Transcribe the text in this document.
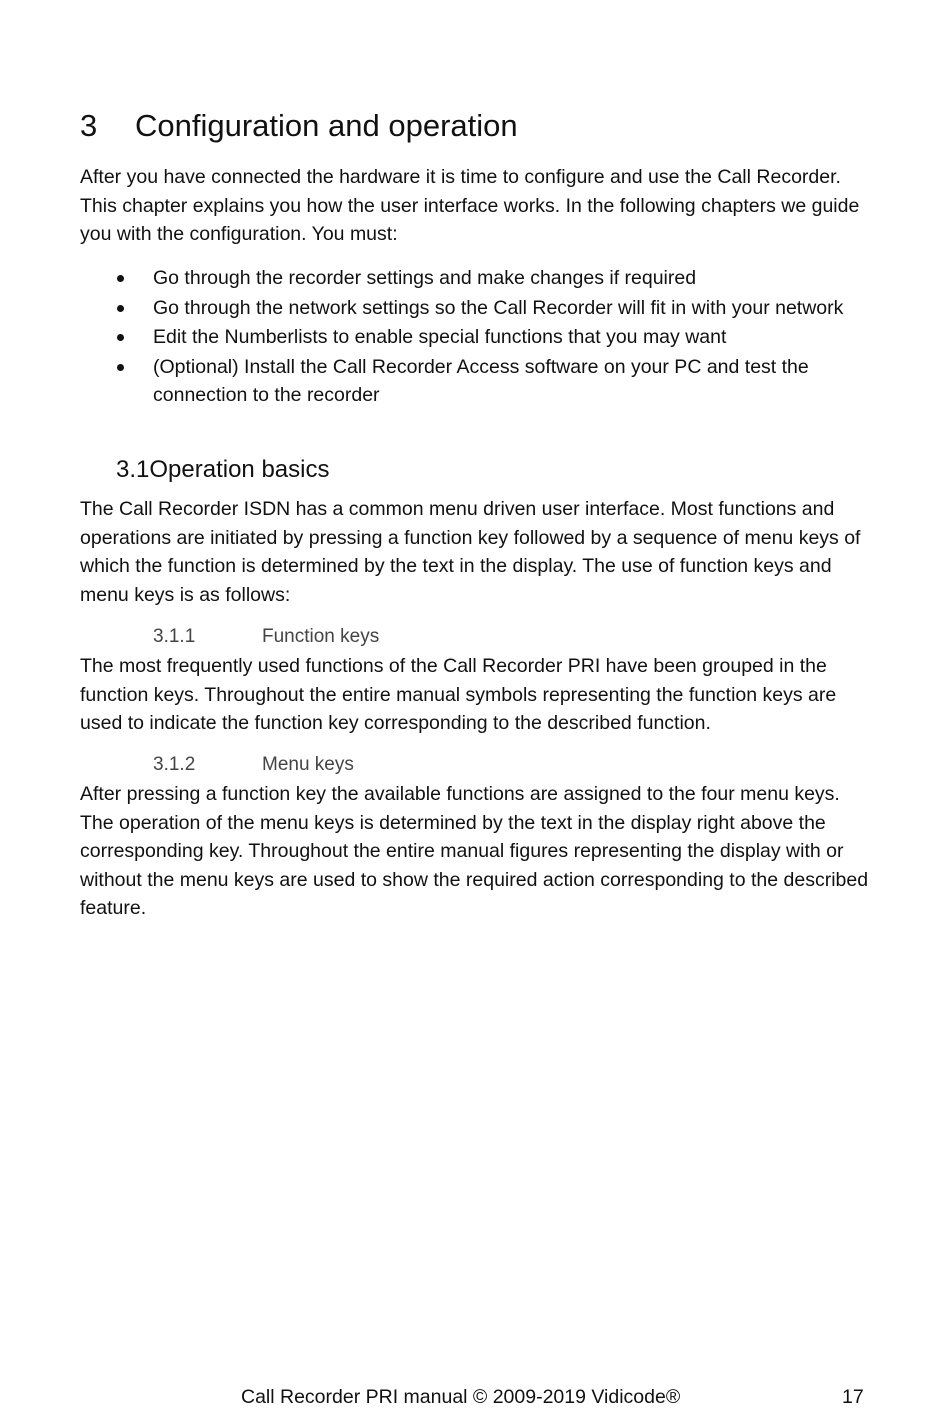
3 Configuration and operation

After you have connected the hardware it is time to configure and use the Call Recorder. This chapter explains you how the user interface works. In the following chapters we guide you with the configuration. You must:

Go through the recorder settings and make changes if required
Go through the network settings so the Call Recorder will fit in with your network
Edit the Numberlists to enable special functions that you may want
(Optional) Install the Call Recorder Access software on your PC and test the connection to the recorder
3.1Operation basics

The Call Recorder ISDN has a common menu driven user interface. Most functions and operations are initiated by pressing a function key followed by a sequence of menu keys of which the function is determined by the text in the display. The use of function keys and menu keys is as follows:

3.1.1	Function keys

The most frequently used functions of the Call Recorder PRI have been grouped in the function keys. Throughout the entire manual symbols representing the function keys are used to indicate the function key corresponding to the described function.

3.1.2	Menu keys

After pressing a function key the available functions are assigned to the four menu keys. The operation of the menu keys is determined by the text in the display right above the corresponding key. Throughout the entire manual figures representing the display with or without the menu keys are used to show the required action corresponding to the described feature.

Call Recorder PRI manual © 2009-2019 Vidicode®	17
